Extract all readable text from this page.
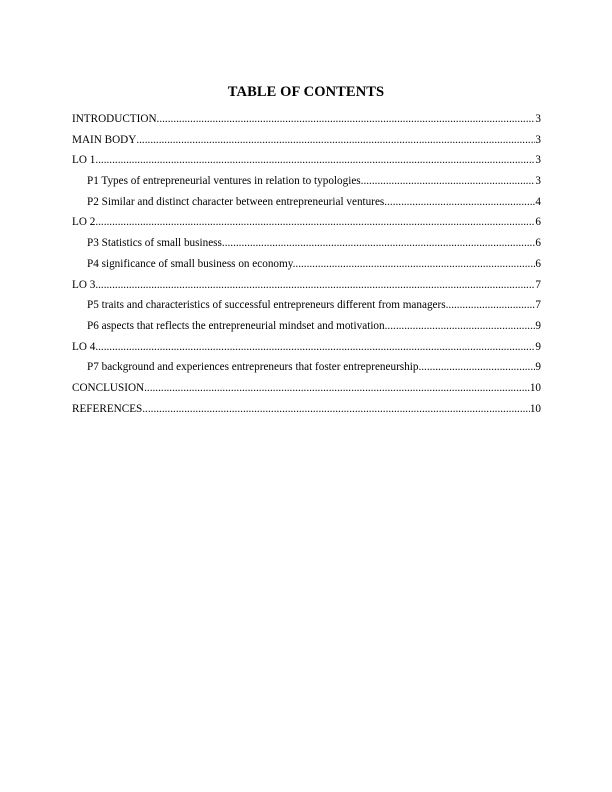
TABLE OF CONTENTS
INTRODUCTION .....	3
MAIN BODY .....	3
LO 1 .....	3
P1 Types of entrepreneurial ventures in relation to typologies. .....	3
P2 Similar and distinct character between entrepreneurial ventures. .....	4
LO 2 .....	6
P3 Statistics of small business. .....	6
P4 significance of small business on economy. .....	6
LO 3 .....	7
P5 traits and characteristics of successful entrepreneurs different from managers. .....	7
P6 aspects that reflects the entrepreneurial mindset and motivation. .....	9
LO 4 .....	9
P7 background and experiences entrepreneurs that foster entrepreneurship. .....	9
CONCLUSION .....	10
REFERENCES .....	10
